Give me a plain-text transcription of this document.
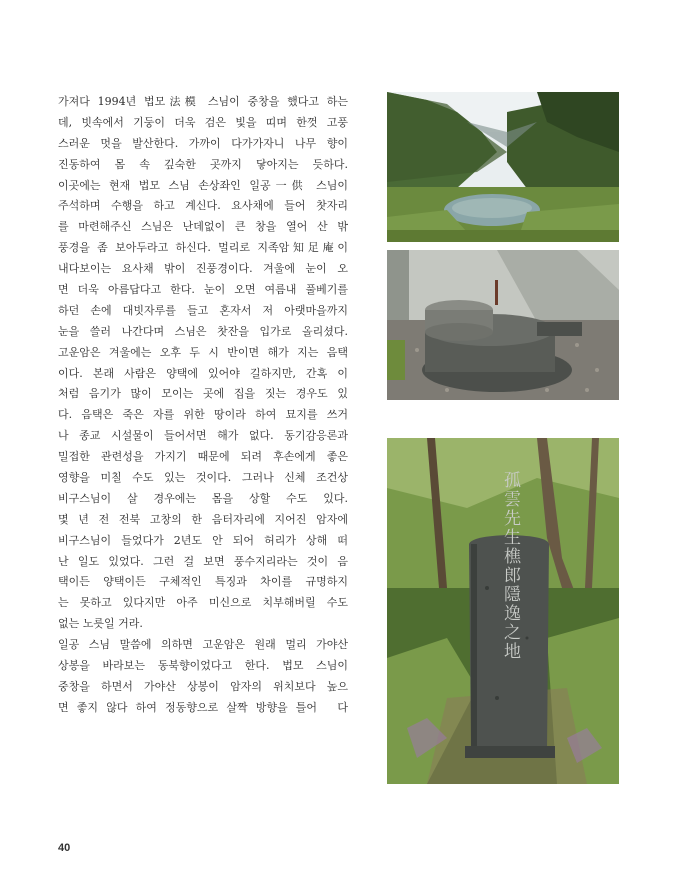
가져다 1994년 법모法模 스님이 중창을 했다고 하는
데, 빗속에서 기둥이 더욱 검은 빛을 띠며 한껏 고풍
스러운 멋을 발산한다. 가까이 다가가자니 나무 향이
진동하여 몸 속 깊숙한 곳까지 닿아지는 듯하다.

이곳에는 현재 법모 스님 손상좌인 일공一供 스님이
주석하며 수행을 하고 계신다. 요사채에 들어 찻자리
를 마련해주신 스님은 난데없이 큰 창을 열어 산 밖
풍경을 좀 보아두라고 하신다. 멀리로 지족암知足庵이
내다보이는 요사채 밖이 진풍경이다. 겨울에 눈이 오
면 더욱 아름답다고 한다. 눈이 오면 여름내 풀베기를
하던 손에 대빗자루를 들고 혼자서 저 아랫마을까지
눈을 쓸러 나간다며 스님은 찻잔을 입가로 올리셨다.

고운암은 겨울에는 오후 두 시 반이면 해가 지는 음택
이다. 본래 사람은 양택에 있어야 길하지만, 간혹 이
처럼 음기가 많이 모이는 곳에 집을 짓는 경우도 있
다. 음택은 죽은 자를 위한 땅이라 하여 묘지를 쓰거
나 종교 시설물이 들어서면 해가 없다. 동기감응론과
밀접한 관련성을 가지기 때문에 되려 후손에게 좋은
영향을 미칠 수도 있는 것이다. 그러나 신체 조건상
비구스님이 살 경우에는 몸을 상할 수도 있다.

몇 년 전 전북 고창의 한 음터자리에 지어진 암자에
비구스님이 들었다가 2년도 안 되어 허리가 상해 떠
난 일도 있었다. 그런 걸 보면 풍수지리라는 것이 음
택이든 양택이든 구체적인 특징과 차이를 규명하지
는 못하고 있다지만 아주 미신으로 치부해버릴 수도
없는 노릇일 거라.

일공 스님 말씀에 의하면 고운암은 원래 멀리 가야산
상봉을 바라보는 동북향이었다고 한다. 법모 스님이
중창을 하면서 가야산 상봉이 암자의 위치보다 높으
면 좋지 않다 하여 정동향으로 살짝 방향을 틀어　다

孤雲先生樵郎隱逸之地
40
